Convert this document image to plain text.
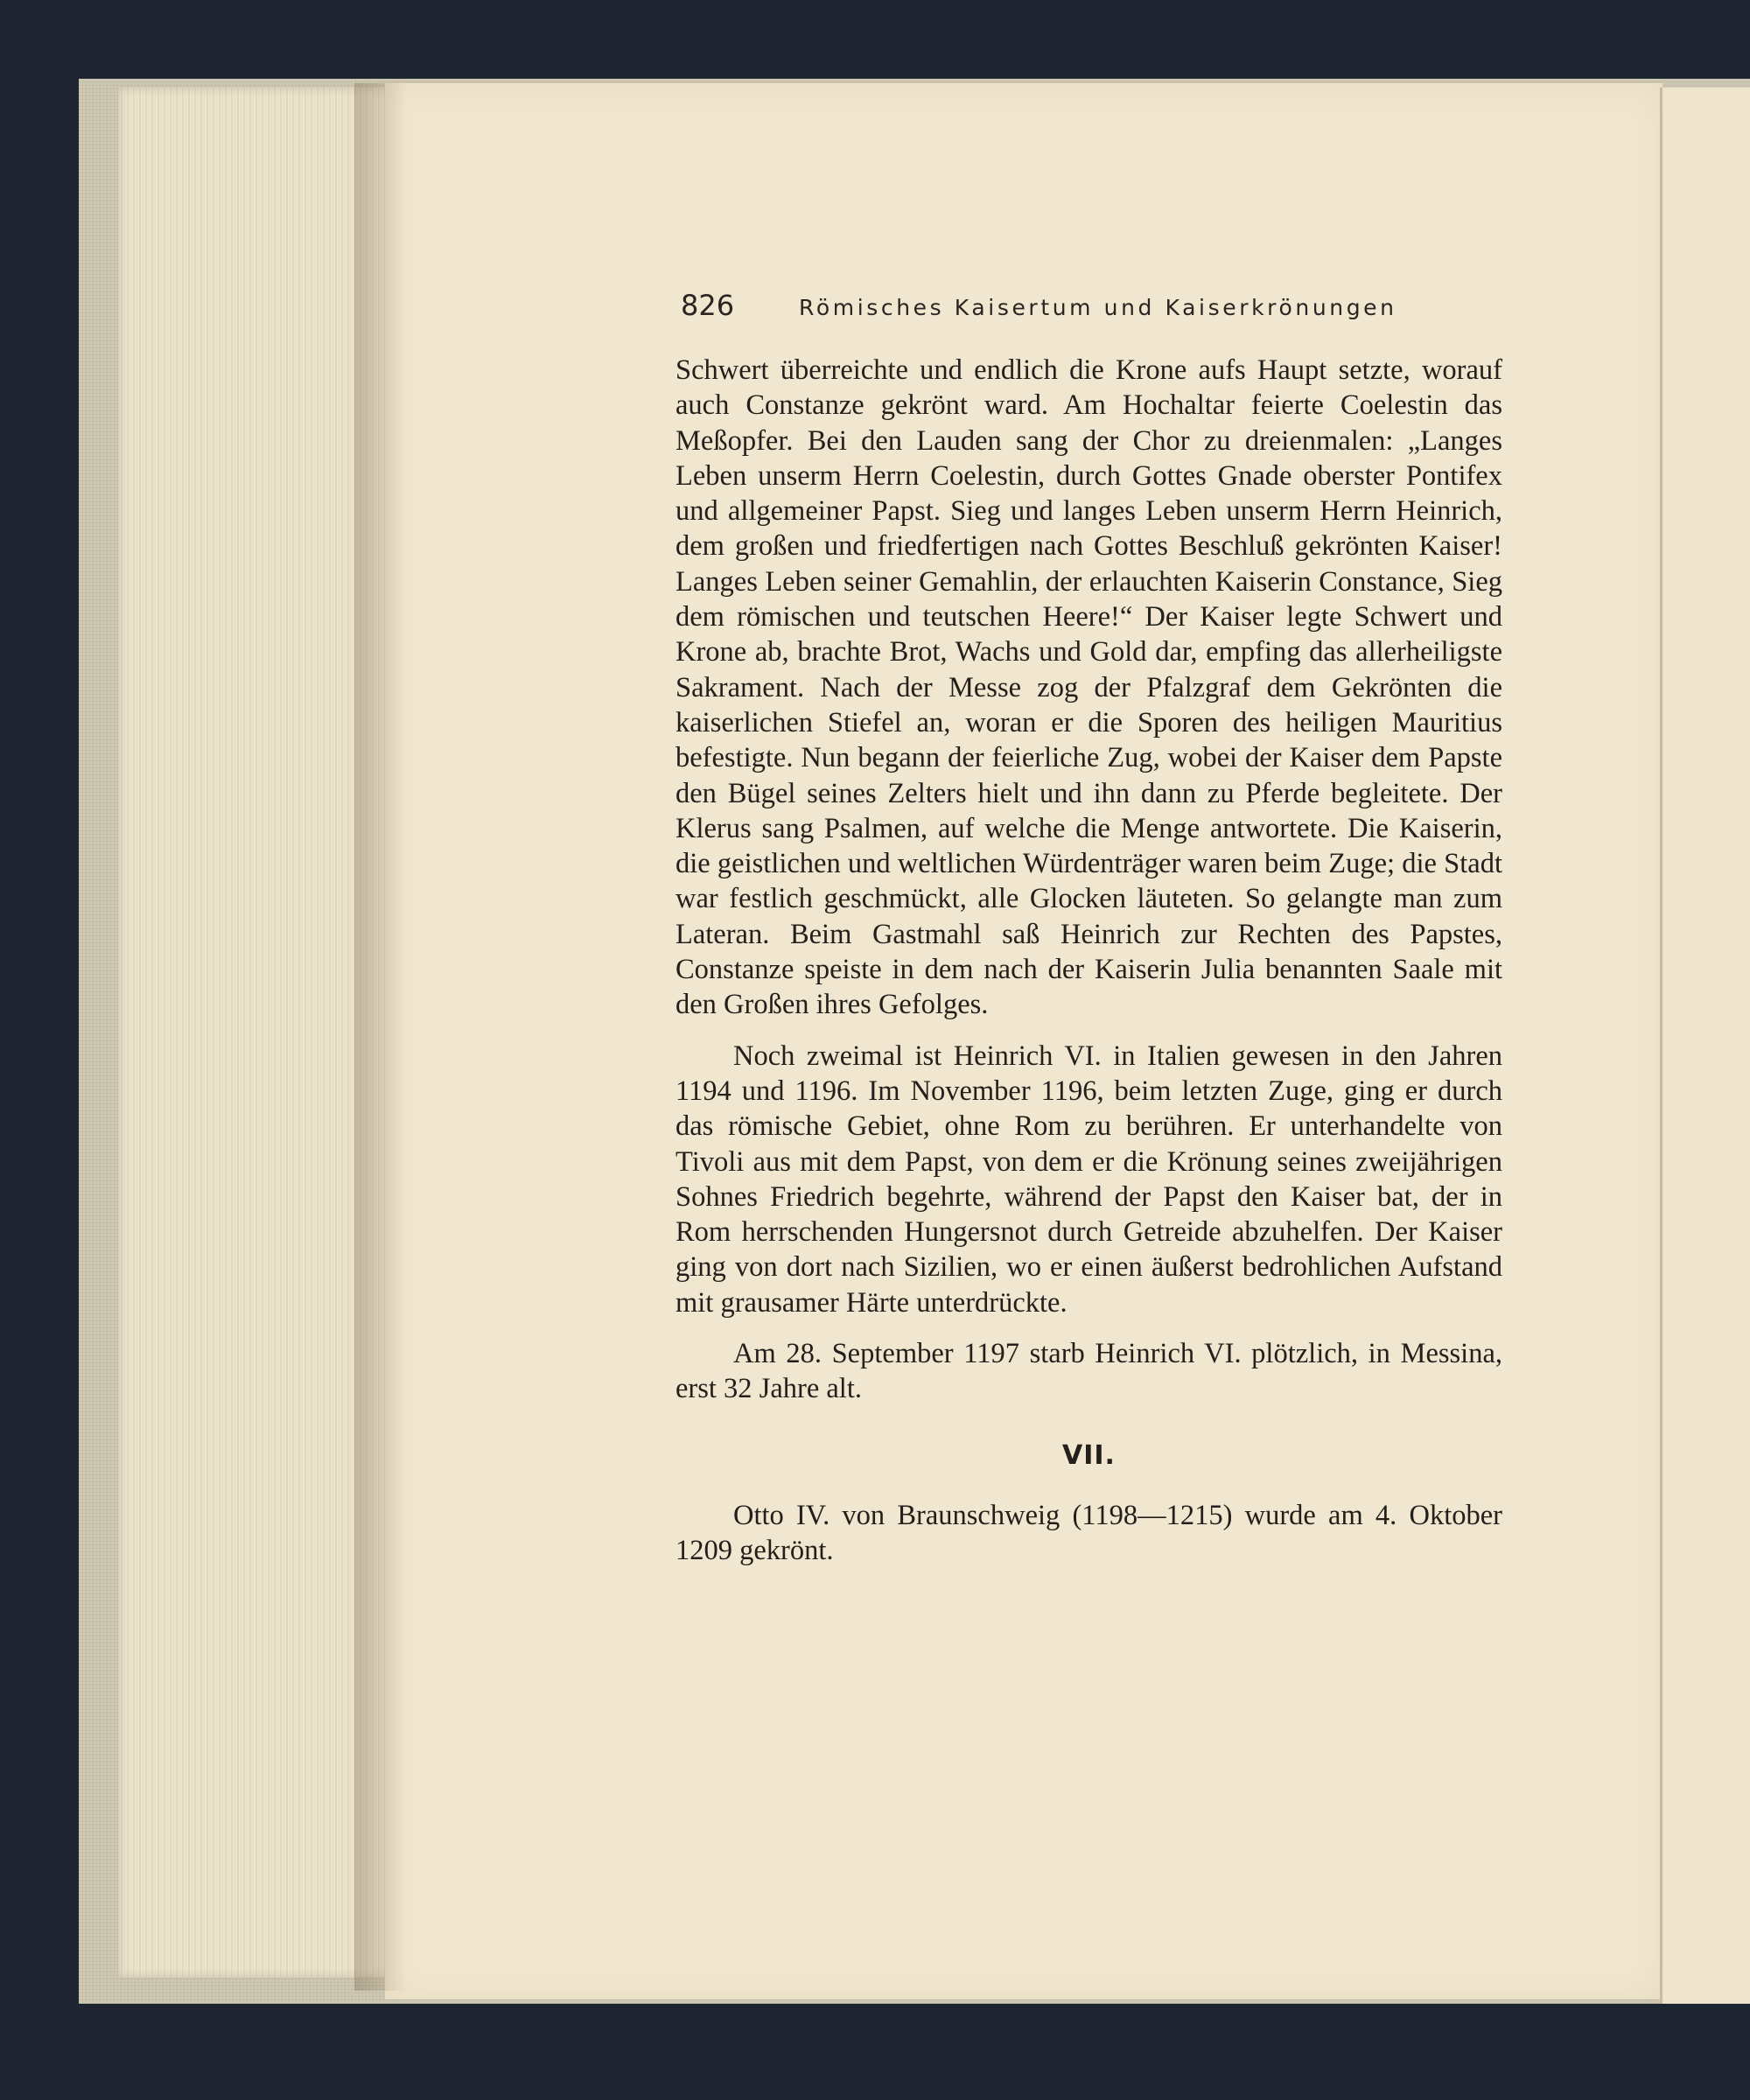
826	Römisches Kaisertum und Kaiserkrönungen

Schwert überreichte und endlich die Krone aufs Haupt setzte, worauf auch Constanze gekrönt ward. Am Hochaltar feierte Coelestin das Meßopfer. Bei den Lauden sang der Chor zu dreienmalen: „Langes Leben unserm Herrn Coelestin, durch Gottes Gnade oberster Pontifex und allgemeiner Papst. Sieg und langes Leben unserm Herrn Heinrich, dem großen und friedfertigen nach Gottes Beschluß gekrönten Kaiser! Langes Leben seiner Gemahlin, der erlauchten Kaiserin Constance, Sieg dem römischen und teutschen Heere!“ Der Kaiser legte Schwert und Krone ab, brachte Brot, Wachs und Gold dar, empfing das allerheiligste Sakrament. Nach der Messe zog der Pfalzgraf dem Gekrönten die kaiserlichen Stiefel an, woran er die Sporen des heiligen Mauritius befestigte. Nun begann der feierliche Zug, wobei der Kaiser dem Papste den Bügel seines Zelters hielt und ihn dann zu Pferde begleitete. Der Klerus sang Psalmen, auf welche die Menge antwortete. Die Kaiserin, die geistlichen und weltlichen Würdenträger waren beim Zuge; die Stadt war festlich geschmückt, alle Glocken läuteten. So gelangte man zum Lateran. Beim Gastmahl saß Heinrich zur Rechten des Papstes, Constanze speiste in dem nach der Kaiserin Julia benannten Saale mit den Großen ihres Gefolges.

Noch zweimal ist Heinrich VI. in Italien gewesen in den Jahren 1194 und 1196. Im November 1196, beim letzten Zuge, ging er durch das römische Gebiet, ohne Rom zu berühren. Er unterhandelte von Tivoli aus mit dem Papst, von dem er die Krönung seines zweijährigen Sohnes Friedrich begehrte, während der Papst den Kaiser bat, der in Rom herrschenden Hungersnot durch Getreide abzuhelfen. Der Kaiser ging von dort nach Sizilien, wo er einen äußerst bedrohlichen Aufstand mit grausamer Härte unterdrückte.

Am 28. September 1197 starb Heinrich VI. plötzlich, in Messina, erst 32 Jahre alt.

VII.

Otto IV. von Braunschweig (1198—1215) wurde am 4. Oktober 1209 gekrönt.
